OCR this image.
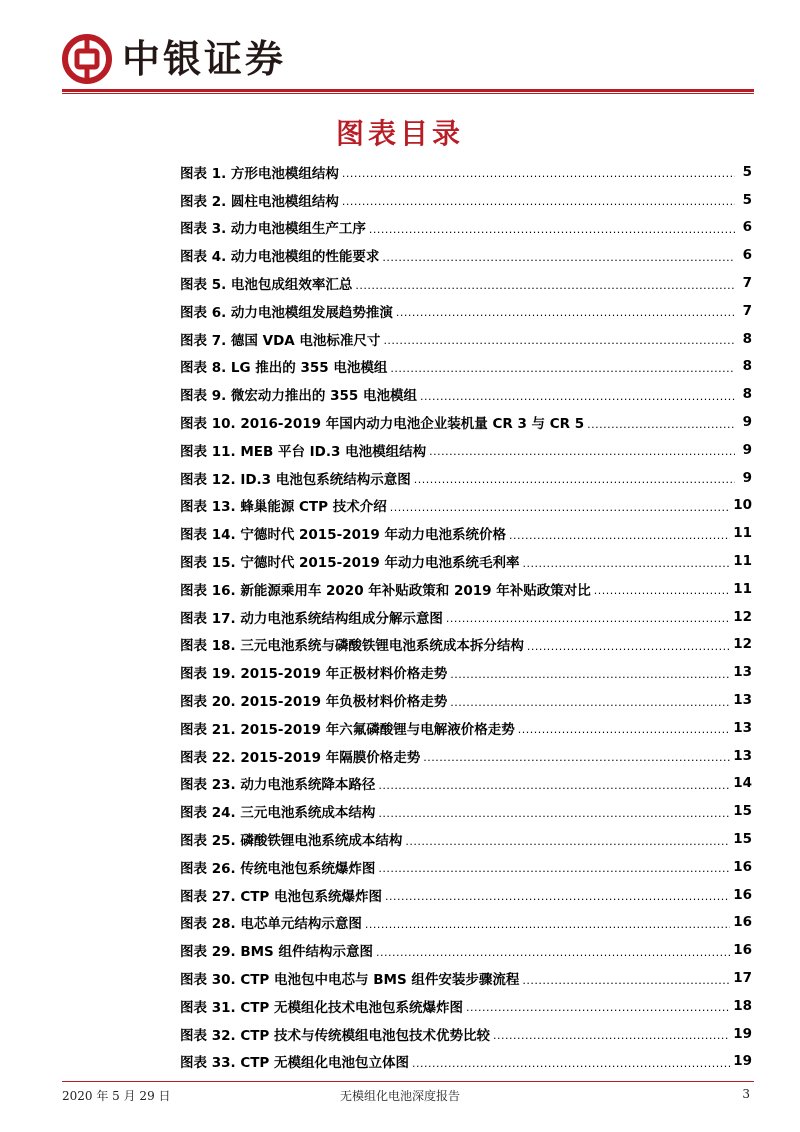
中银证券
图表目录
图表 1. 方形电池模组结构 .....	5
图表 2. 圆柱电池模组结构 .....	5
图表 3. 动力电池模组生产工序 .....	6
图表 4. 动力电池模组的性能要求 .....	6
图表 5. 电池包成组效率汇总 .....	7
图表 6. 动力电池模组发展趋势推演 .....	7
图表 7. 德国 VDA 电池标准尺寸 .....	8
图表 8. LG 推出的 355 电池模组 .....	8
图表 9. 微宏动力推出的 355 电池模组 .....	8
图表 10. 2016-2019 年国内动力电池企业装机量 CR 3 与 CR 5 .....	9
图表 11. MEB 平台 ID.3 电池模组结构 .....	9
图表 12. ID.3 电池包系统结构示意图 .....	9
图表 13. 蜂巢能源 CTP 技术介绍 .....	10
图表 14. 宁德时代 2015-2019 年动力电池系统价格 .....	11
图表 15. 宁德时代 2015-2019 年动力电池系统毛利率 .....	11
图表 16. 新能源乘用车 2020 年补贴政策和 2019 年补贴政策对比 .....	11
图表 17. 动力电池系统结构组成分解示意图 .....	12
图表 18. 三元电池系统与磷酸铁锂电池系统成本拆分结构 .....	12
图表 19. 2015-2019 年正极材料价格走势 .....	13
图表 20. 2015-2019 年负极材料价格走势 .....	13
图表 21. 2015-2019 年六氟磷酸锂与电解液价格走势 .....	13
图表 22. 2015-2019 年隔膜价格走势 .....	13
图表 23. 动力电池系统降本路径 .....	14
图表 24. 三元电池系统成本结构 .....	15
图表 25. 磷酸铁锂电池系统成本结构 .....	15
图表 26. 传统电池包系统爆炸图 .....	16
图表 27. CTP 电池包系统爆炸图 .....	16
图表 28. 电芯单元结构示意图 .....	16
图表 29. BMS 组件结构示意图 .....	16
图表 30. CTP 电池包中电芯与 BMS 组件安装步骤流程 .....	17
图表 31. CTP 无模组化技术电池包系统爆炸图 .....	18
图表 32. CTP 技术与传统模组电池包技术优势比较 .....	19
图表 33. CTP 无模组化电池包立体图 .....	19
2020 年 5 月 29 日	无模组化电池深度报告	3
